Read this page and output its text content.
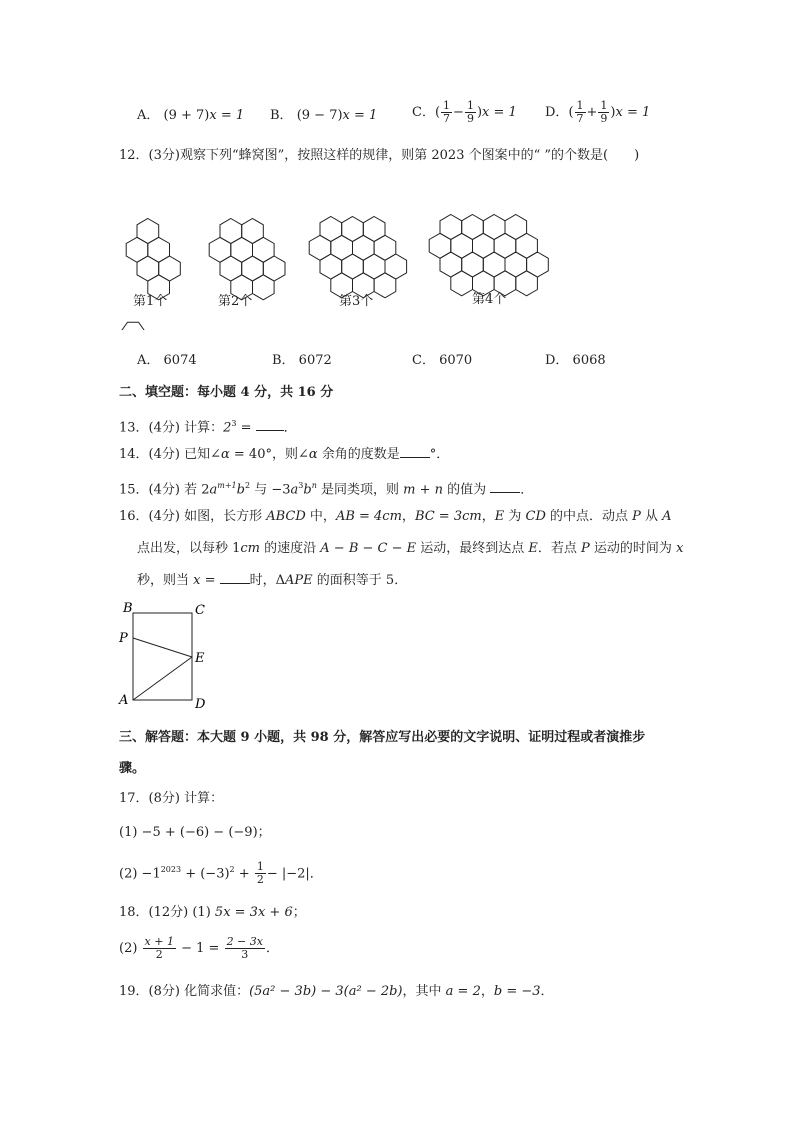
A． (9 + 7)x = 1 B． (9 − 7)x = 1	C．( $\frac{1}{7} - \frac{1}{9} )x = 1$ D．( $\frac{1}{7} + \frac{1}{9} )x = 1$
12．(3分)观察下列“蜂窝图”，按照这样的规律，则第 2023 个图案中的“ ”的个数是(　　)
第1个	第2个	第3个	第4个
A． 6074	B． 6072	C． 6070	D． 6068
二、填空题：每小题 4 分，共 16 分
13．(4分) 计算：$2^3$ = ．
14．(4分) 已知∠α = 40°，则∠α 余角的度数是 °．
15．(4分) 若 $2a^{m+1}b^2$ 与 $-3a^3b^n$ 是同类项，则 m + n 的值为 ．
16．(4分) 如图，长方形 ABCD 中，AB = 4cm，BC = 3cm，E 为 CD 的中点．动点 P 从 A
点出发，以每秒 1cm 的速度沿 A − B − C − E 运动，最终到达点 E．若点 P 运动的时间为 x
秒，则当 x = 时，ΔAPE 的面积等于 5．
B	C
P
E
A	D
三、解答题：本大题 9 小题，共 98 分，解答应写出必要的文字说明、证明过程或者演推步
骤。
17．(8分) 计算：
(1) −5 + (−6) − (−9)；
$(2) -1^{2023} + (-3)^2 + \frac{1}{2} - |-2|$．
18．(12分) (1) 5x = 3x + 6；
$(2) \frac{x + 1}{2} - 1 = \frac{2 - 3x}{3}$ ．
19．(8分) 化简求值：(5a² − 3b) − 3(a² − 2b)，其中 a = 2，b = −3．
